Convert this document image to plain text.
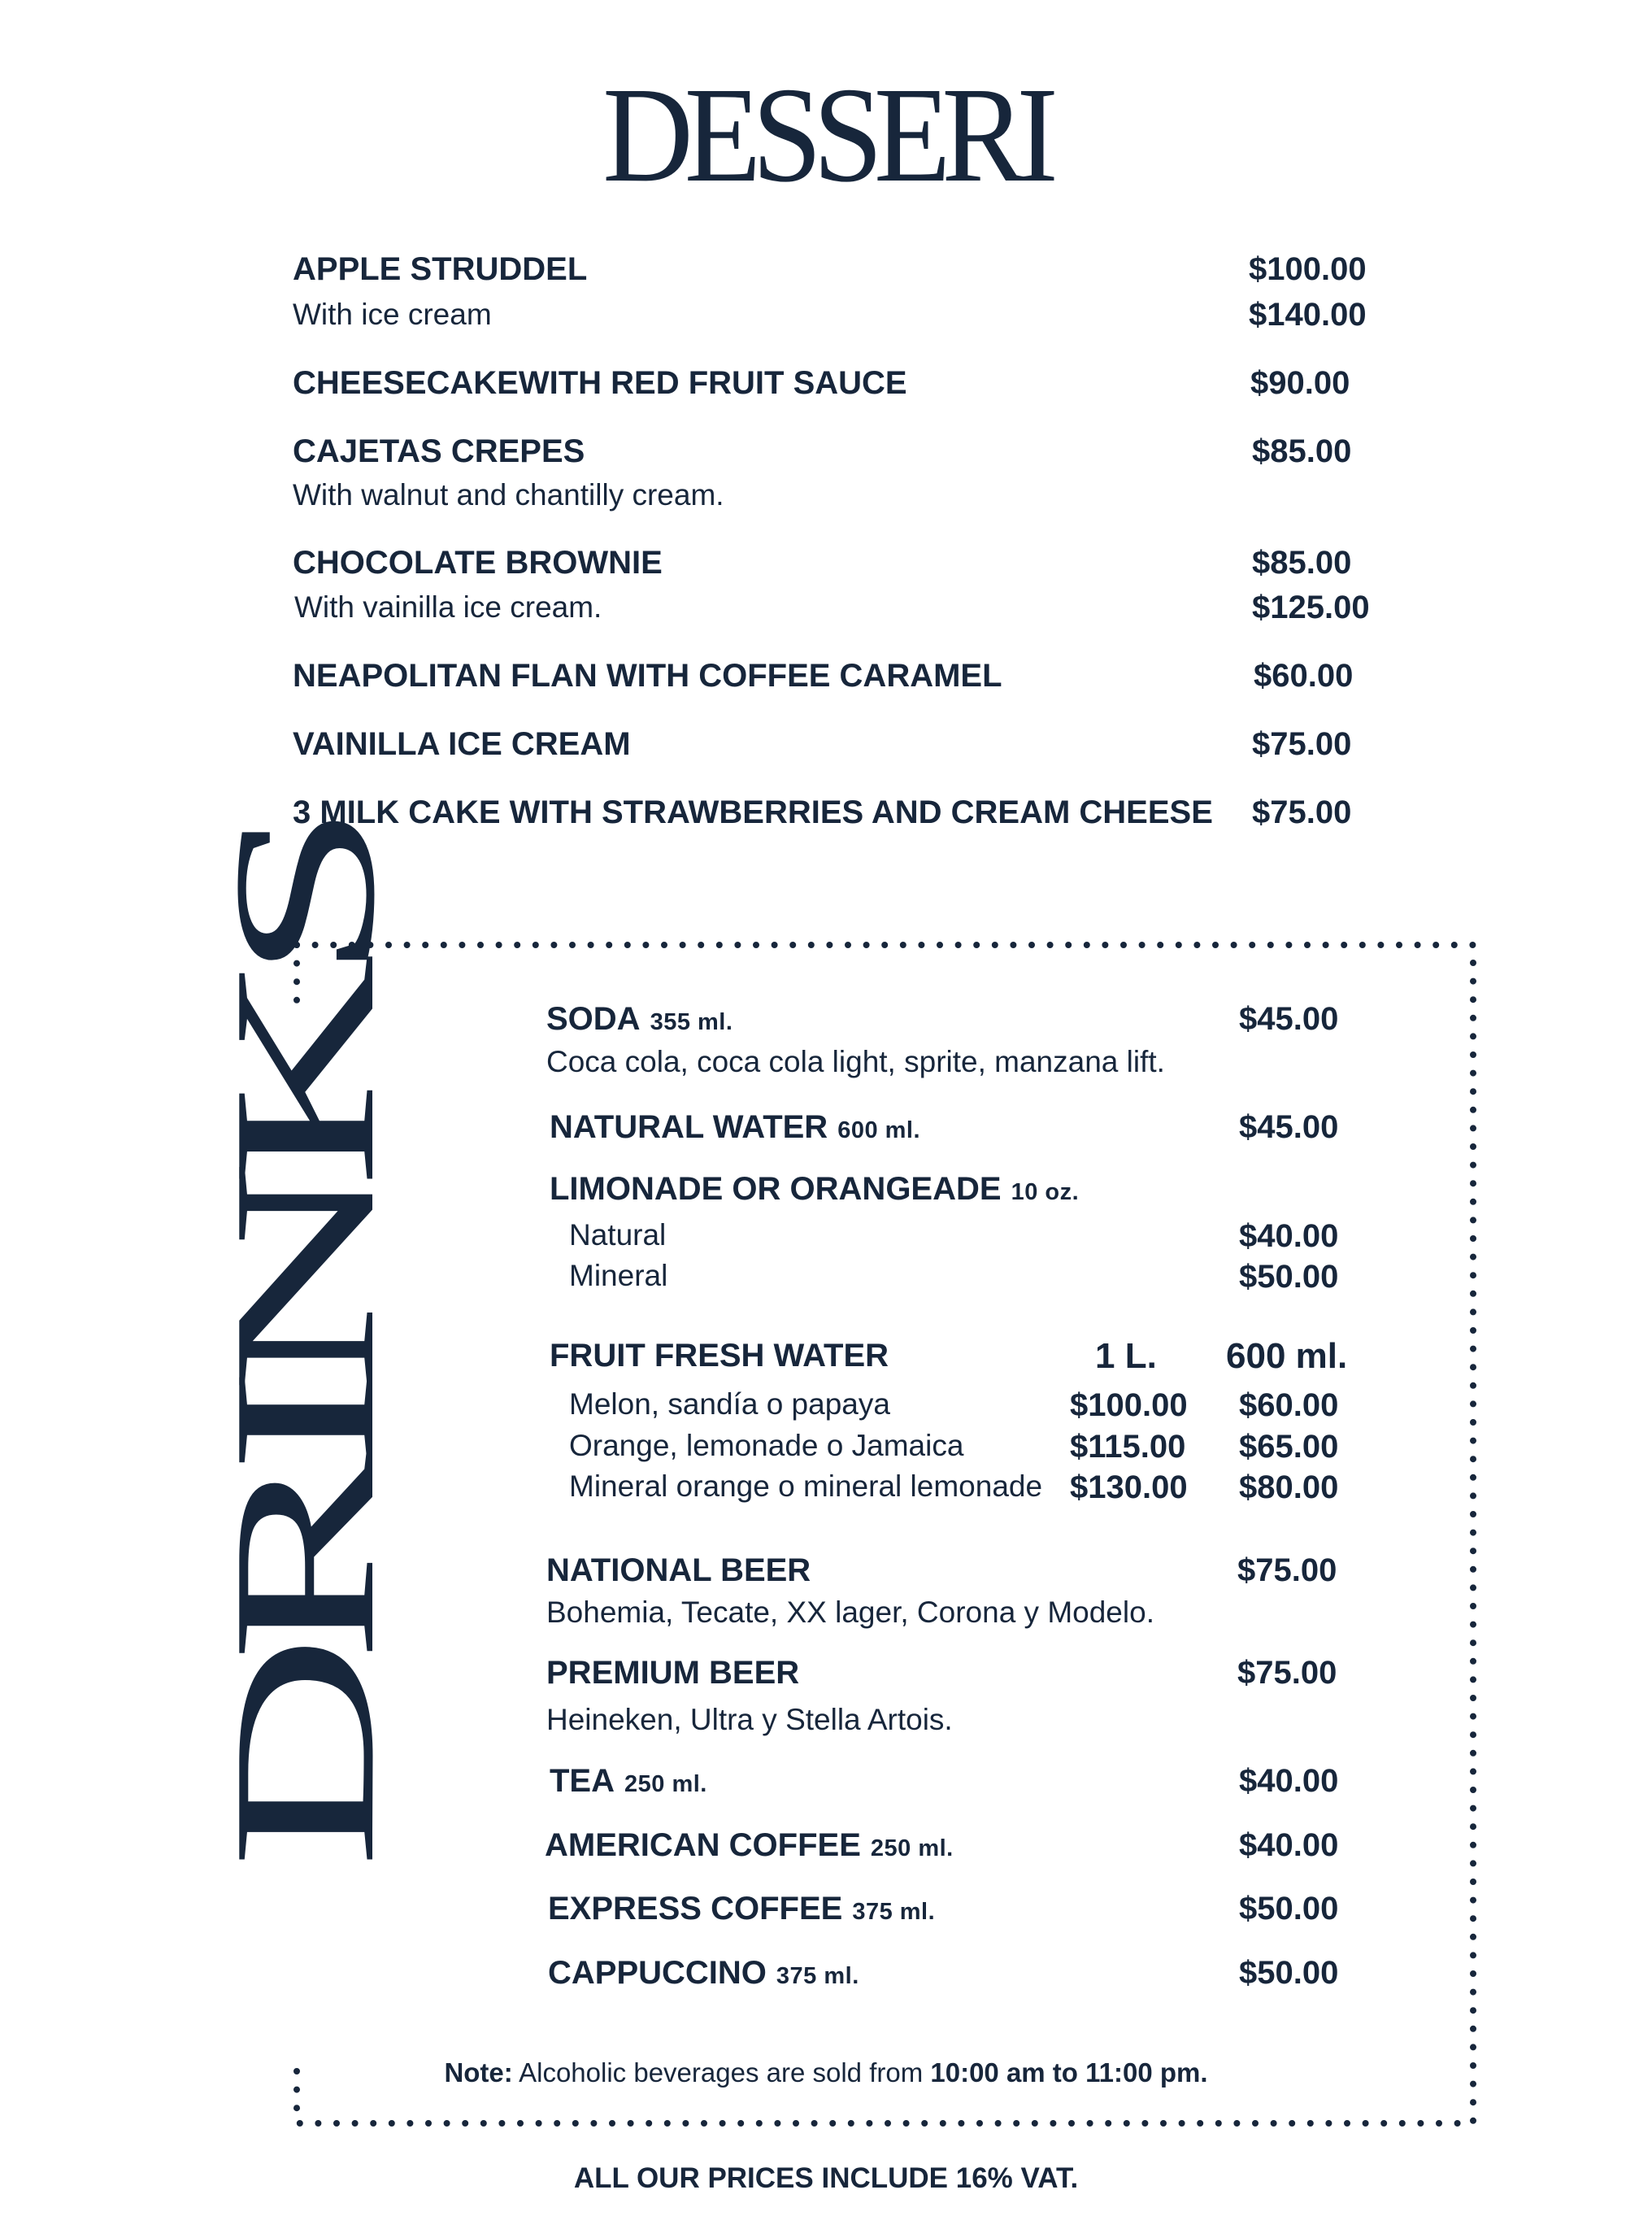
DESSERI
APPLE STRUDDEL	$100.00
With ice cream	$140.00
CHEESECAKEWITH RED FRUIT SAUCE	$90.00
CAJETAS CREPES	$85.00
With walnut and chantilly cream.
CHOCOLATE BROWNIE	$85.00
With vainilla ice cream.	$125.00
NEAPOLITAN FLAN WITH COFFEE CARAMEL	$60.00
VAINILLA ICE CREAM	$75.00
3 MILK CAKE WITH STRAWBERRIES AND CREAM CHEESE $75.00
DRINKS	SODA 355 ml.	$45.00
Coca cola, coca cola light, sprite, manzana lift.
NATURAL WATER 600 ml.	$45.00
LIMONADE OR ORANGEADE 10 oz.
Natural	$40.00
Mineral	$50.00
FRUIT FRESH WATER	1 L. 600 ml.
Melon, sandía o papaya	$100.00 $60.00
Orange, lemonade o Jamaica	$115.00 $65.00
Mineral orange o mineral lemonade $130.00 $80.00
NATIONAL BEER	$75.00
Bohemia, Tecate, XX lager, Corona y Modelo.
PREMIUM BEER	$75.00
Heineken, Ultra y Stella Artois.
TEA 250 ml.	$40.00
AMERICAN COFFEE 250 ml.	$40.00
EXPRESS COFFEE 375 ml.	$50.00
CAPPUCCINO 375 ml.	$50.00
Note: Alcoholic beverages are sold from 10:00 am to 11:00 pm.
ALL OUR PRICES INCLUDE 16% VAT.
